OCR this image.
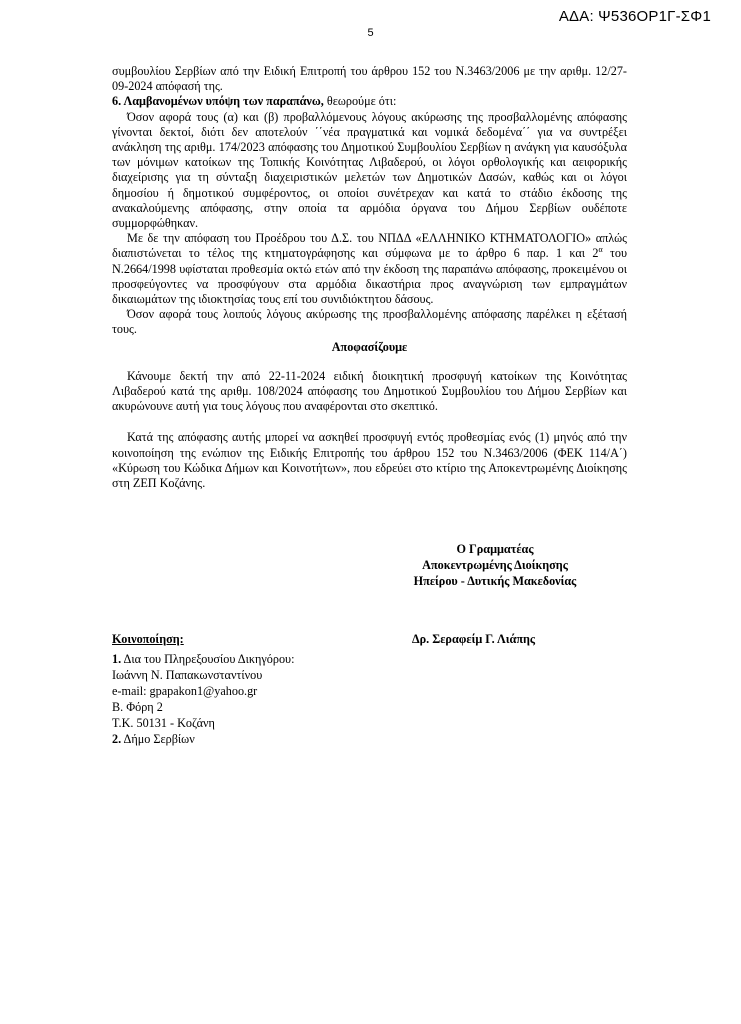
ΑΔΑ: Ψ536ΟΡ1Γ-ΣΦ1
5

συμβουλίου Σερβίων από την Ειδική Επιτροπή του άρθρου 152 του Ν.3463/2006 με την αριθμ. 12/27-09-2024 απόφασή της.

6. Λαμβανομένων υπόψη των παραπάνω, θεωρούμε ότι:

Όσον αφορά τους (α) και (β) προβαλλόμενους λόγους ακύρωσης της προσβαλλομένης απόφασης γίνονται δεκτοί, διότι δεν αποτελούν ΄΄νέα πραγματικά και νομικά δεδομένα΄΄ για να συντρέξει ανάκληση της αριθμ. 174/2023 απόφασης του Δημοτικού Συμβουλίου Σερβίων η ανάγκη για καυσόξυλα των μόνιμων κατοίκων της Τοπικής Κοινότητας Λιβαδερού, οι λόγοι ορθολογικής και αειφορικής διαχείρισης για τη σύνταξη διαχειριστικών μελετών των Δημοτικών Δασών, καθώς και οι λόγοι δημοσίου ή δημοτικού συμφέροντος, οι οποίοι συνέτρεχαν και κατά το στάδιο έκδοσης της ανακαλούμενης απόφασης, στην οποία τα αρμόδια όργανα του Δήμου Σερβίων ουδέποτε συμμορφώθηκαν.

Με δε την απόφαση του Προέδρου του Δ.Σ. του ΝΠΔΔ «ΕΛΛΗΝΙΚΟ ΚΤΗΜΑΤΟΛΟΓΙΟ» απλώς διαπιστώνεται το τέλος της κτηματογράφησης και σύμφωνα με το άρθρο 6 παρ. 1 και $2^\alpha$ του Ν.2664/1998 υφίσταται προθεσμία οκτώ ετών από την έκδοση της παραπάνω απόφασης, προκειμένου οι προσφεύγοντες να προσφύγουν στα αρμόδια δικαστήρια προς αναγνώριση των εμπραγμάτων δικαιωμάτων της ιδιοκτησίας τους επί του συνιδιόκτητου δάσους.

Όσον αφορά τους λοιπούς λόγους ακύρωσης της προσβαλλομένης απόφασης παρέλκει η εξέτασή τους.

Αποφασίζουμε

Κάνουμε δεκτή την από 22-11-2024 ειδική διοικητική προσφυγή κατοίκων της Κοινότητας Λιβαδερού κατά της αριθμ. 108/2024 απόφασης του Δημοτικού Συμβουλίου του Δήμου Σερβίων και ακυρώνουνε αυτή για τους λόγους που αναφέρονται στο σκεπτικό.

Κατά της απόφασης αυτής μπορεί να ασκηθεί προσφυγή εντός προθεσμίας ενός (1) μηνός από την κοινοποίηση της ενώπιον της Ειδικής Επιτροπής του άρθρου 152 του Ν.3463/2006 (ΦΕΚ 114/Α΄) «Κύρωση του Κώδικα Δήμων και Κοινοτήτων», που εδρεύει στο κτίριο της Αποκεντρωμένης Διοίκησης στη ΖΕΠ Κοζάνης.

Ο Γραμματέας
Αποκεντρωμένης Διοίκησης
Ηπείρου - Δυτικής Μακεδονίας
Κοινοποίηση:	Δρ. Σεραφείμ Γ. Λιάπης
1. Δια του Πληρεξουσίου Δικηγόρου:
Ιωάννη Ν. Παπακωνσταντίνου
e-mail: gpapakon1@yahoo.gr
Β. Φόρη 2
Τ.Κ. 50131 - Κοζάνη
2. Δήμο Σερβίων
